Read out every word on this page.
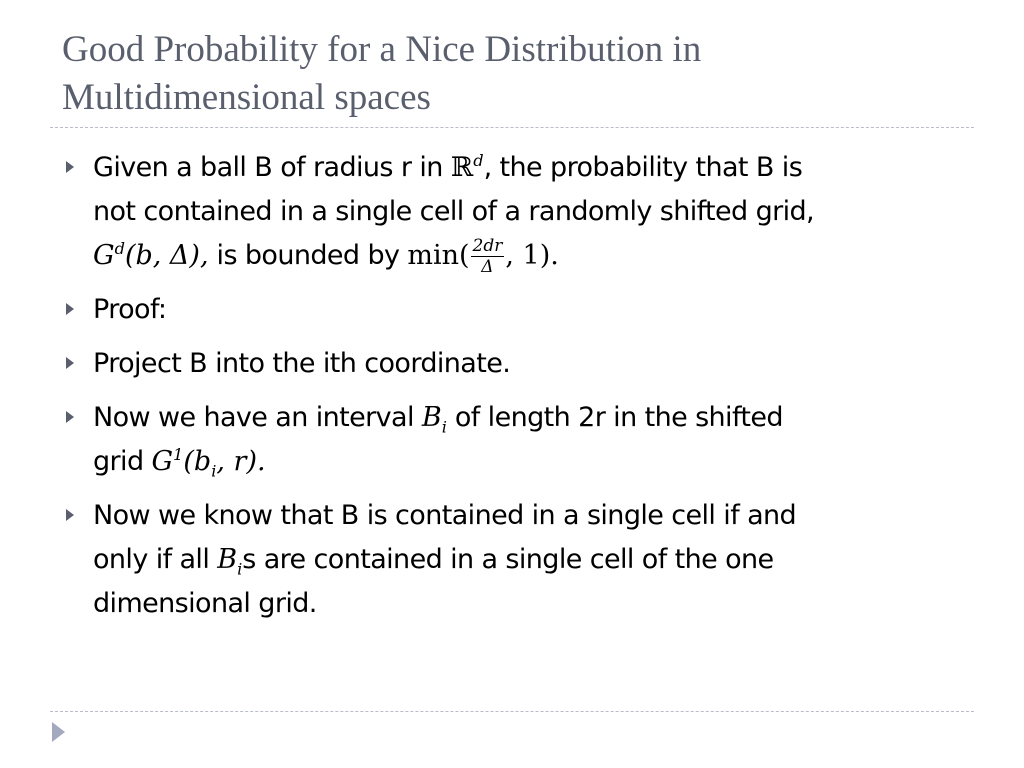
Good Probability for a Nice Distribution in
Multidimensional spaces
Given a ball B of radius r in ℝ$^d$, the probability that B is
not contained in a single cell of a randomly shifted grid,
$G^d(b$, Δ), is bounded by $\min( \frac{2dr}{\Delta}$ , 1).
Proof:
Project B into the ith coordinate.
Now we have an interval $B_i$ of length 2r in the shifted
grid $G^1(b_i$, r).
Now we know that B is contained in a single cell if and
only if all $B_is$ are contained in a single cell of the one
dimensional grid.
